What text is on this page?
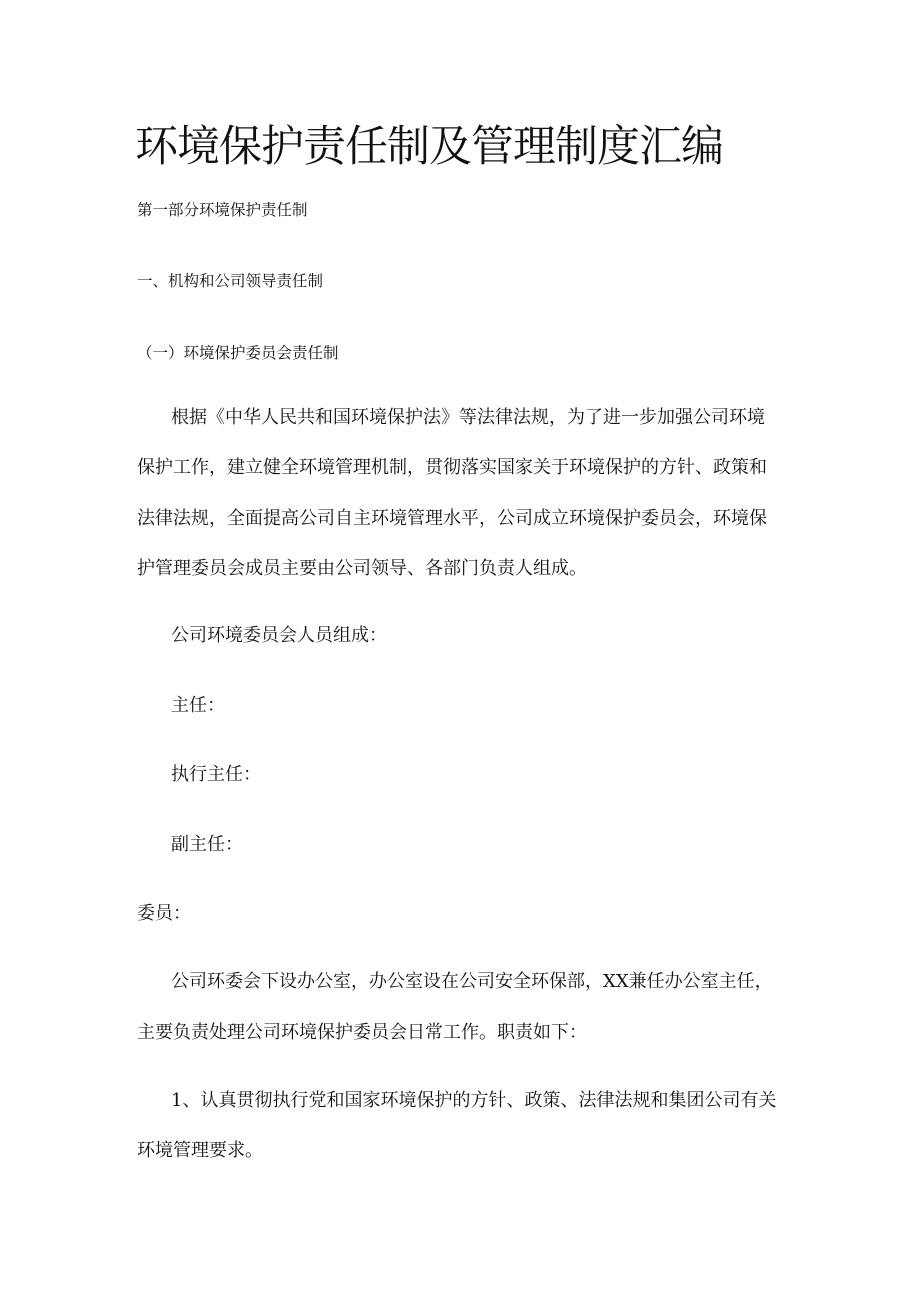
环境保护责任制及管理制度汇编
第一部分环境保护责任制
一、机构和公司领导责任制
（一）环境保护委员会责任制
根据《中华人民共和国环境保护法》等法律法规，为了进一步加强公司环境
保护工作，建立健全环境管理机制，贯彻落实国家关于环境保护的方针、政策和
法律法规，全面提高公司自主环境管理水平，公司成立环境保护委员会，环境保
护管理委员会成员主要由公司领导、各部门负责人组成。
公司环境委员会人员组成：
主任：
执行主任：
副主任：
委员：
公司环委会下设办公室，办公室设在公司安全环保部，XX兼任办公室主任，
主要负责处理公司环境保护委员会日常工作。职责如下：
1、认真贯彻执行党和国家环境保护的方针、政策、法律法规和集团公司有关
环境管理要求。
